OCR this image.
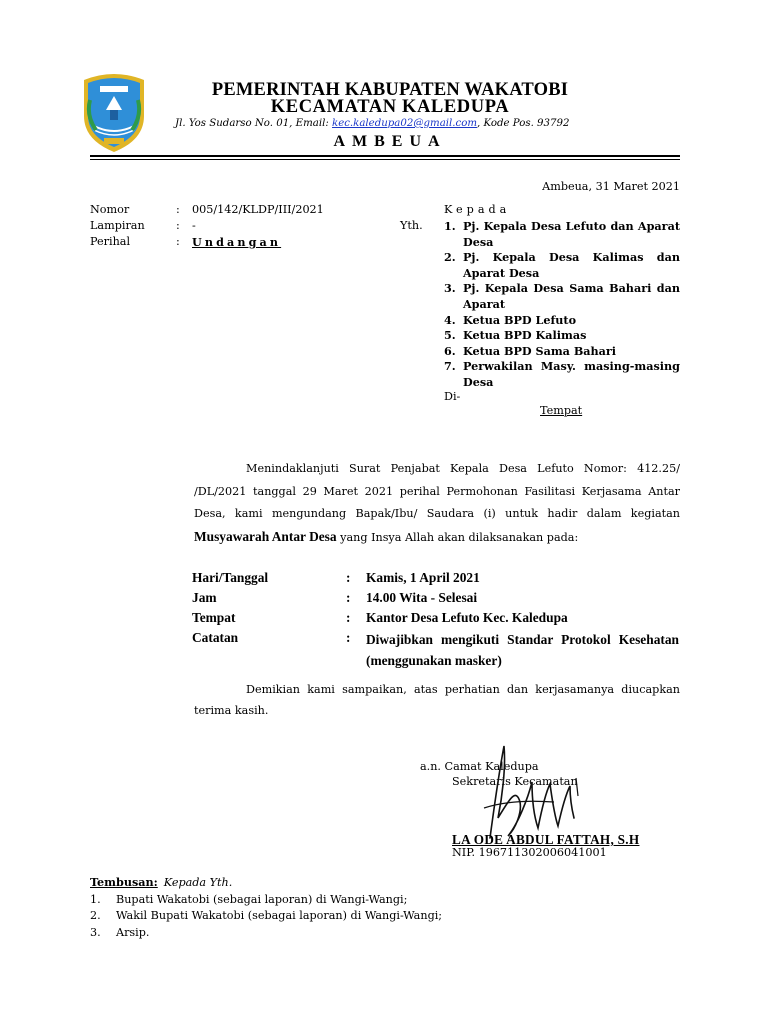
PEMERINTAH KABUPATEN WAKATOBI
KECAMATAN KALEDUPA
Jl. Yos Sudarso No. 01, Email: kec.kaledupa02@gmail.com, Kode Pos. 93792
AMBEUA
Ambeua, 31 Maret 2021
Nomor	: 005/142/KLDP/III/2021
Lampiran	: -
Perihal	: Undangan
Kepada
Yth. 1. Pj. Kepala Desa Lefuto dan Aparat Desa
2. Pj. Kepala Desa Kalimas dan Aparat Desa
3. Pj. Kepala Desa Sama Bahari dan Aparat
4. Ketua BPD Lefuto
5. Ketua BPD Kalimas
6. Ketua BPD Sama Bahari
7. Perwakilan Masy. masing-masing Desa
Di-
Tempat
Menindaklanjuti Surat Penjabat Kepala Desa Lefuto Nomor: 412.25/ /DL/2021 tanggal 29 Maret 2021 perihal Permohonan Fasilitasi Kerjasama Antar Desa, kami mengundang Bapak/Ibu/ Saudara (i) untuk hadir dalam kegiatan Musyawarah Antar Desa yang Insya Allah akan dilaksanakan pada:
Hari/Tanggal	: Kamis, 1 April 2021
Jam	: 14.00 Wita - Selesai
Tempat	: Kantor Desa Lefuto Kec. Kaledupa
Catatan	: Diwajibkan mengikuti Standar Protokol Kesehatan (menggunakan masker)
Demikian kami sampaikan, atas perhatian dan kerjasamanya diucapkan terima kasih.
a.n. Camat Kaledupa
Sekretaris Kecamatan
LA ODE ABDUL FATTAH, S.H
NIP. 196711302006041001
Tembusan: Kepada Yth.
1. Bupati Wakatobi (sebagai laporan) di Wangi-Wangi;
2. Wakil Bupati Wakatobi (sebagai laporan) di Wangi-Wangi;
3. Arsip.
